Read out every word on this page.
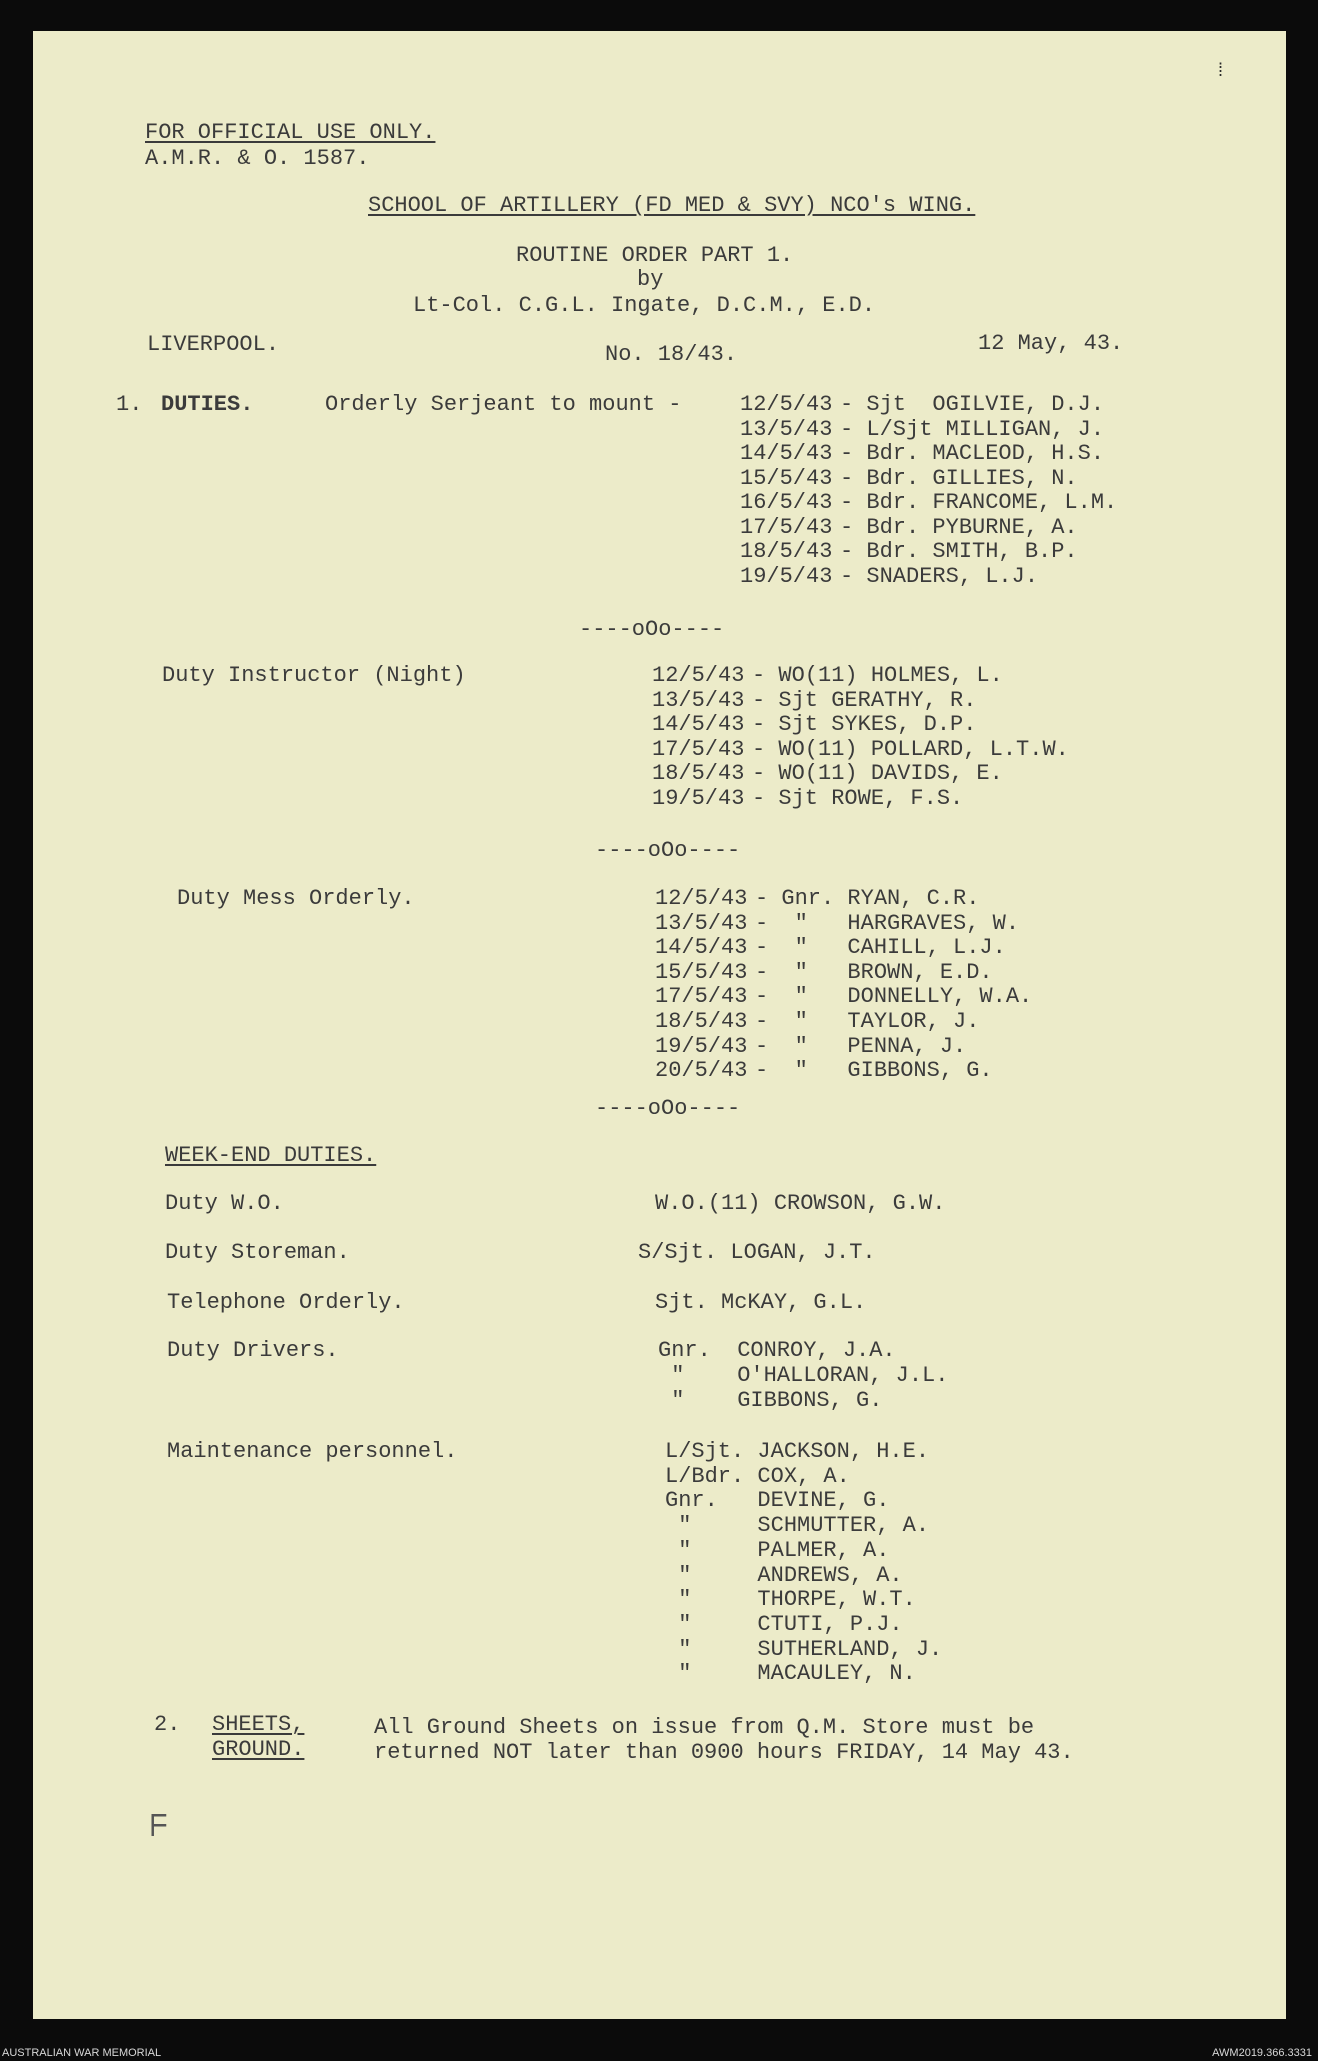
FOR OFFICIAL USE ONLY.
A.M.R. & O. 1587.
SCHOOL OF ARTILLERY (FD MED & SVY) NCO's WING.
ROUTINE ORDER PART 1.
by
Lt-Col. C.G.L. Ingate, D.C.M., E.D.
LIVERPOOL.	No. 18/43.	12 May, 43.
1. DUTIES.	Orderly Serjeant to mount -	12/5/43 - Sjt  OGILVIE, D.J.
13/5/43 - L/Sjt MILLIGAN, J.
14/5/43 - Bdr. MACLEOD, H.S.
15/5/43 - Bdr. GILLIES, N.
16/5/43 - Bdr. FRANCOME, L.M.
17/5/43 - Bdr. PYBURNE, A.
18/5/43 - Bdr. SMITH, B.P.
19/5/43 - SNADERS, L.J.
----oOo----
Duty Instructor (Night)	12/5/43 - WO(11) HOLMES, L.
13/5/43 - Sjt GERATHY, R.
14/5/43 - Sjt SYKES, D.P.
17/5/43 - WO(11) POLLARD, L.T.W.
18/5/43 - WO(11) DAVIDS, E.
19/5/43 - Sjt ROWE, F.S.
----oOo----
Duty Mess Orderly.	12/5/43 - Gnr. RYAN, C.R.
13/5/43 -  "   HARGRAVES, W.
14/5/43 -  "   CAHILL, L.J.
15/5/43 -  "   BROWN, E.D.
17/5/43 -  "   DONNELLY, W.A.
18/5/43 -  "   TAYLOR, J.
19/5/43 -  "   PENNA, J.
20/5/43 -  "   GIBBONS, G.
----oOo----
WEEK-END DUTIES.
Duty W.O.	W.O.(11) CROWSON, G.W.
Duty Storeman.	S/Sjt. LOGAN, J.T.
Telephone Orderly.	Sjt. McKAY, G.L.
Duty Drivers.	Gnr.  CONROY, J.A.
"    O'HALLORAN, J.L.
"    GIBBONS, G.
Maintenance personnel.	L/Sjt. JACKSON, H.E.
L/Bdr. COX, A.
Gnr.   DEVINE, G.
"     SCHMUTTER, A.
"     PALMER, A.
"     ANDREWS, A.
"     THORPE, W.T.
"     CTUTI, P.J.
"     SUTHERLAND, J.
"     MACAULEY, N.
2. SHEETS,
GROUND.
All Ground Sheets on issue from Q.M. Store must be
returned NOT later than 0900 hours FRIDAY, 14 May 43.
⁞
ᖴ
AUSTRALIAN WAR MEMORIAL	AWM2019.366.3331
